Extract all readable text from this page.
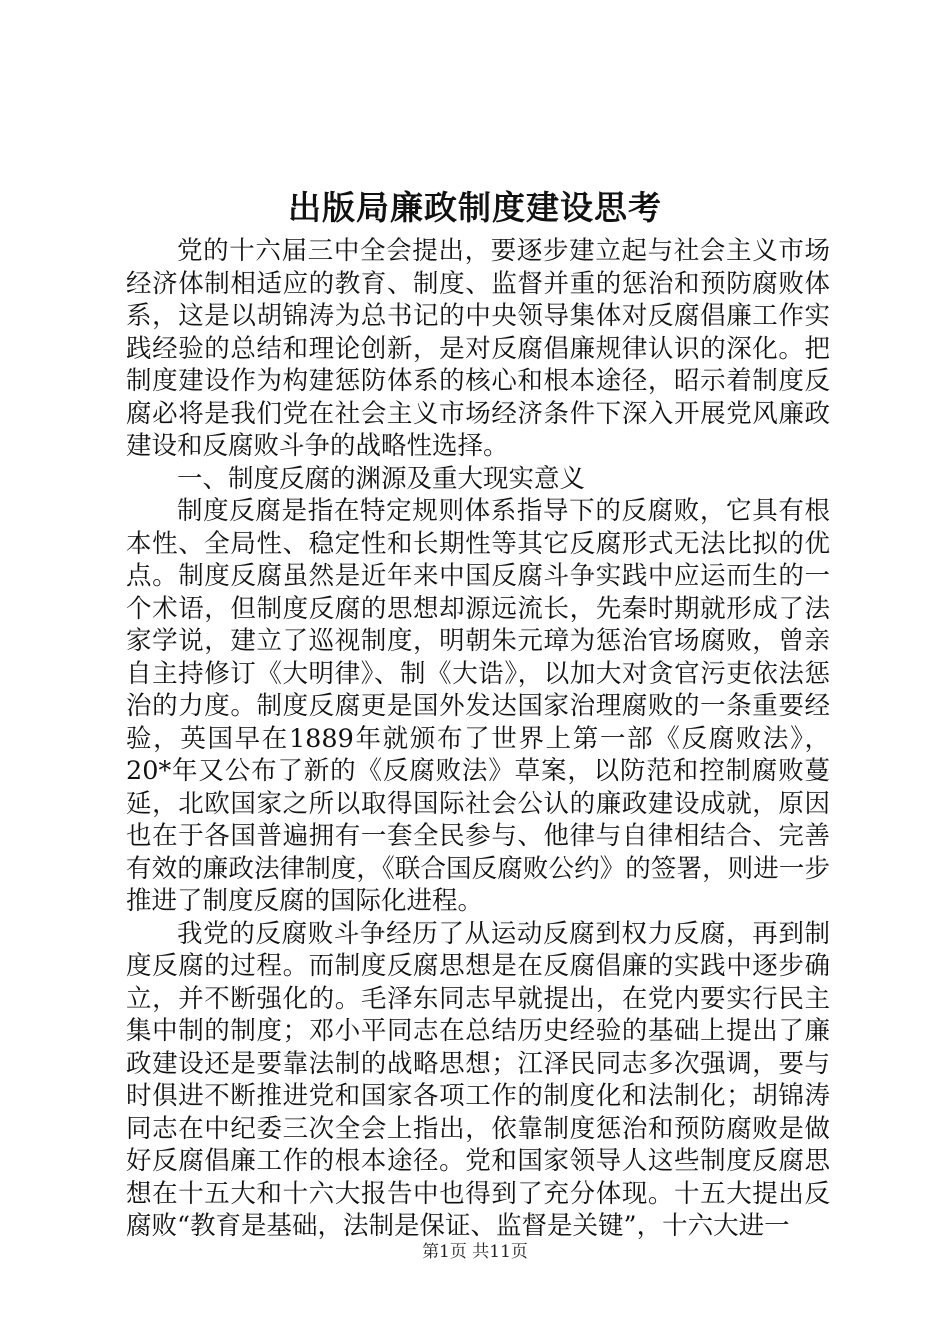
出版局廉政制度建设思考

党的十六届三中全会提出，要逐步建立起与社会主义市场经济体制相适应的教育、制度、监督并重的惩治和预防腐败体系，这是以胡锦涛为总书记的中央领导集体对反腐倡廉工作实践经验的总结和理论创新，是对反腐倡廉规律认识的深化。把制度建设作为构建惩防体系的核心和根本途径，昭示着制度反腐必将是我们党在社会主义市场经济条件下深入开展党风廉政建设和反腐败斗争的战略性选择。

一、制度反腐的渊源及重大现实意义

制度反腐是指在特定规则体系指导下的反腐败，它具有根本性、全局性、稳定性和长期性等其它反腐形式无法比拟的优点。制度反腐虽然是近年来中国反腐斗争实践中应运而生的一个术语，但制度反腐的思想却源远流长，先秦时期就形成了法家学说，建立了巡视制度，明朝朱元璋为惩治官场腐败，曾亲自主持修订《大明律》、制《大诰》，以加大对贪官污吏依法惩治的力度。制度反腐更是国外发达国家治理腐败的一条重要经验，英国早在1889年就颁布了世界上第一部《反腐败法》，20*年又公布了新的《反腐败法》草案，以防范和控制腐败蔓延，北欧国家之所以取得国际社会公认的廉政建设成就，原因也在于各国普遍拥有一套全民参与、他律与自律相结合、完善有效的廉政法律制度，《联合国反腐败公约》的签署，则进一步推进了制度反腐的国际化进程。

我党的反腐败斗争经历了从运动反腐到权力反腐，再到制度反腐的过程。而制度反腐思想是在反腐倡廉的实践中逐步确立，并不断强化的。毛泽东同志早就提出，在党内要实行民主集中制的制度；邓小平同志在总结历史经验的基础上提出了廉政建设还是要靠法制的战略思想；江泽民同志多次强调，要与时俱进不断推进党和国家各项工作的制度化和法制化；胡锦涛同志在中纪委三次全会上指出，依靠制度惩治和预防腐败是做好反腐倡廉工作的根本途径。党和国家领导人这些制度反腐思想在十五大和十六大报告中也得到了充分体现。十五大提出反腐败“教育是基础，法制是保证、监督是关键”，十六大进一

第1页 共11页
